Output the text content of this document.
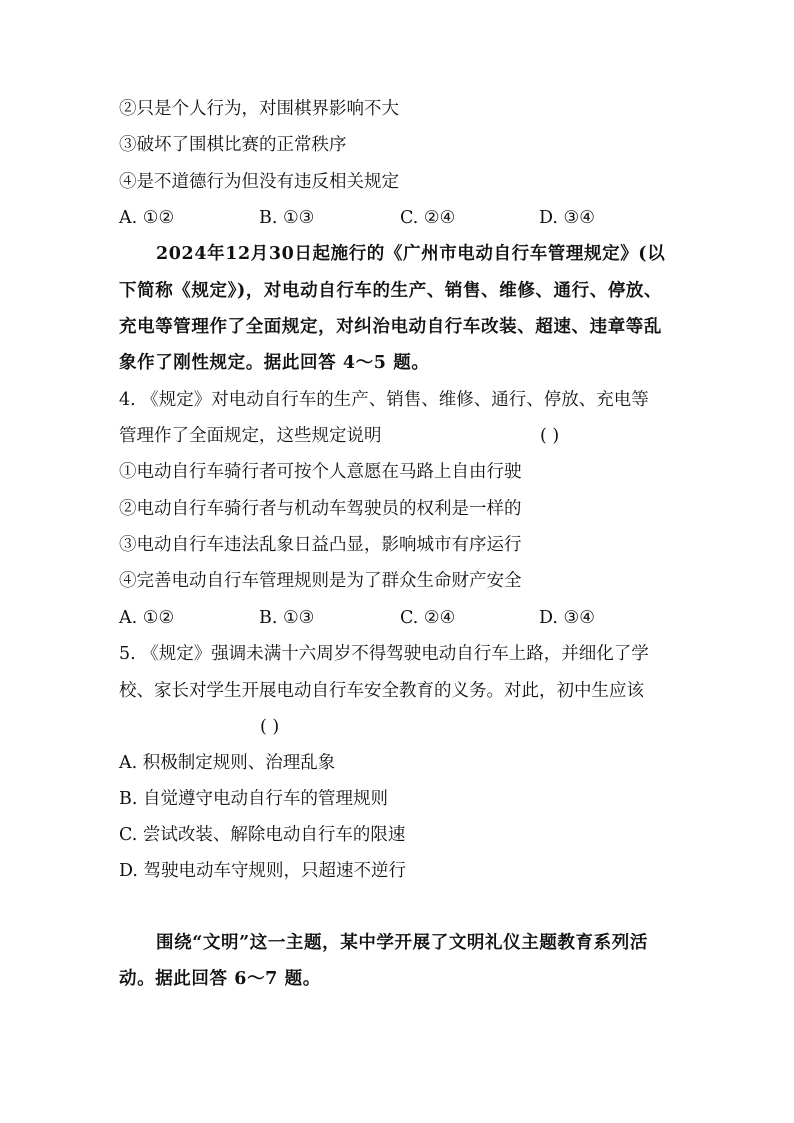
②只是个人行为，对围棋界影响不大
③破坏了围棋比赛的正常秩序
④是不道德行为但没有违反相关规定
A. ①②	B. ①③	C. ②④	D. ③④
2024年12月30日起施行的《广州市电动自行车管理规定》(以
下简称《规定》)，对电动自行车的生产、销售、维修、通行、停放、
充电等管理作了全面规定，对纠治电动自行车改装、超速、违章等乱
象作了刚性规定。据此回答 4～5 题。
4. 《规定》对电动自行车的生产、销售、维修、通行、停放、充电等
管理作了全面规定，这些规定说明	( )
①电动自行车骑行者可按个人意愿在马路上自由行驶
②电动自行车骑行者与机动车驾驶员的权利是一样的
③电动自行车违法乱象日益凸显，影响城市有序运行
④完善电动自行车管理规则是为了群众生命财产安全
A. ①②	B. ①③	C. ②④	D. ③④
5. 《规定》强调未满十六周岁不得驾驶电动自行车上路，并细化了学
校、家长对学生开展电动自行车安全教育的义务。对此，初中生应该
( )
A. 积极制定规则、治理乱象
B. 自觉遵守电动自行车的管理规则
C. 尝试改装、解除电动自行车的限速
D. 驾驶电动车守规则，只超速不逆行
围绕“文明”这一主题，某中学开展了文明礼仪主题教育系列活
动。据此回答 6～7 题。
